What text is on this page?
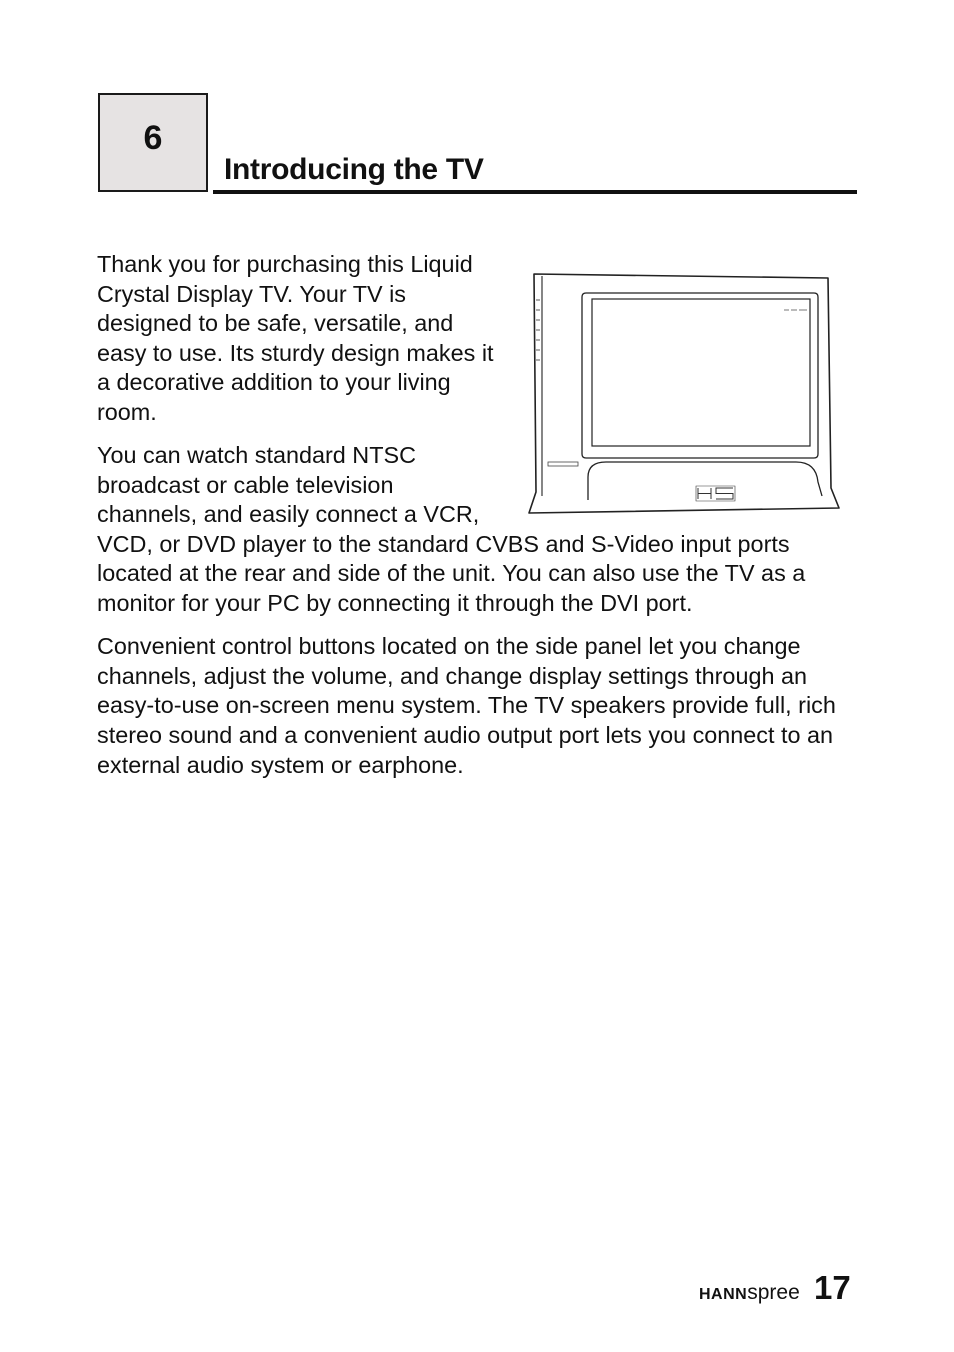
6
Introducing the TV

Thank you for purchasing this Liquid Crystal Display TV. Your TV is designed to be safe, versatile, and easy to use. Its sturdy design makes it a decorative addition to your living room.

You can watch standard NTSC broadcast or cable television channels, and easily connect a VCR, VCD, or DVD player to the standard CVBS and S-Video input ports located at the rear and side of the unit. You can also use the TV as a monitor for your PC by connecting it through the DVI port.

Convenient control buttons located on the side panel let you change channels, adjust the volume, and change display settings through an easy-to-use on-screen menu system. The TV speakers provide full, rich stereo sound and a convenient audio output port lets you connect to an external audio system or earphone.

HANNspree 17
